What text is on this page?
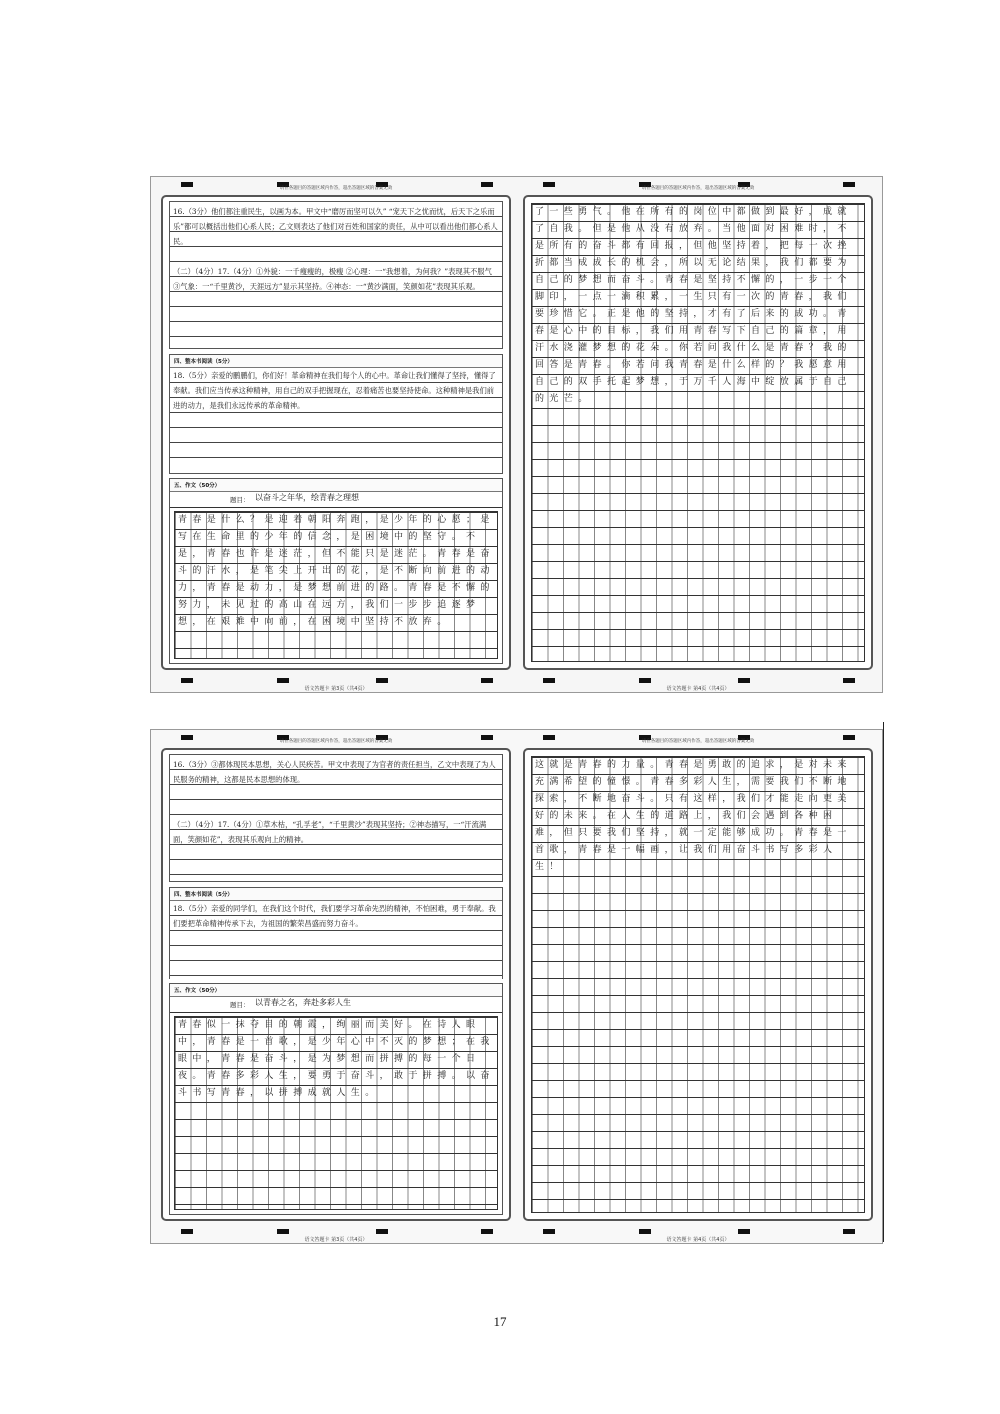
请在各题目的答题区域内作答，超出答题区域的答案无效
16.（3分）他们都注重民生，以画为本。甲文中“磨厉而坚可以久” “宠天下之忧而忧，后天下之乐而乐”都可以概括出他们心系人民；乙文则表达了他们对百姓和国家的责任，从中可以看出他们都心系人民。
（二）（4分）17.（4分）①外貌：一千瘦瘦的，极瘦 ②心理：一“我想着，为何我？”表现其不服气 ③气象：一“千里黄沙，天涯远方”显示其坚持。④神态：一“黄沙满面，笑颜如花”表现其乐观。
四、整本书阅读（5分）
18.（5分）亲爱的鹏鹏们，你们好！革命精神在我们每个人的心中。革命让我们懂得了坚持，懂得了奉献。我们应当传承这种精神，用自己的双手把握现在，忍着痛苦也要坚持使命。这种精神是我们前进的动力，是我们永远传承的革命精神。
五、作文（50分）
题目： 以奋斗之年华，绘青春之理想
青春是什么？是迎着朝阳奔跑，是少年的心愿；是写在生命里的少年的信念，是困境中的坚守。不是，青春也许是迷茫，但不能只是迷茫。青春是奋斗的汗水，是笔尖上开出的花，是不断向前进的动力，青春是动力，是梦想前进的路。青春是不懈的努力，未见过的高山在远方，我们一步步追逐梦想，在艰难中向前，在困境中坚持不放弃。
语文答题卡 第3页（共4页）
请在各题目的答题区域内作答，超出答题区域的答案无效
了一些勇气。他在所有的岗位中都做到最好，成就了自我。但是他从没有放弃。当他面对困难时，不是所有的奋斗都有回报，但他坚持着，把每一次挫折都当成成长的机会，所以无论结果，我们都要为自己的梦想而奋斗。青春是坚持不懈的，一步一个脚印，一点一滴积累，一生只有一次的青春，我们要珍惜它。正是他的坚持，才有了后来的成功。青春是心中的目标，我们用青春写下自己的篇章，用汗水浇灌梦想的花朵。你若问我什么是青春？我的回答是青春。你若问我青春是什么样的？我愿意用自己的双手托起梦想，于万千人海中绽放属于自己的光芒。
语文答题卡 第4页（共4页）
请在各题目的答题区域内作答，超出答题区域的答案无效
16.（3分）③都体现民本思想，关心人民疾苦。甲文中表现了为官者的责任担当，乙文中表现了为人民服务的精神，这都是民本思想的体现。
（二）（4分）17.（4分）①草木枯，“孔孚老”，“千里黄沙”表现其坚持；②神态描写，一“汗流满面，笑颜如花”，表现其乐观向上的精神。
四、整本书阅读（5分）
18.（5分）亲爱的同学们，在我们这个时代，我们要学习革命先烈的精神，不怕困难，勇于奉献。我们要把革命精神传承下去，为祖国的繁荣昌盛而努力奋斗。
五、作文（50分）
题目： 以青春之名，奔赴多彩人生
青春似一抹夺目的朝霞，绚丽而美好。在诗人眼中，青春是一首歌，是少年心中不灭的梦想；在我眼中，青春是奋斗，是为梦想而拼搏的每一个日夜。青春多彩人生，要勇于奋斗，敢于拼搏。以奋斗书写青春，以拼搏成就人生。
语文答题卡 第3页（共4页）
请在各题目的答题区域内作答，超出答题区域的答案无效
这就是青春的力量。青春是勇敢的追求，是对未来充满希望的憧憬。青春多彩人生，需要我们不断地探索，不断地奋斗。只有这样，我们才能走向更美好的未来。在人生的道路上，我们会遇到各种困难，但只要我们坚持，就一定能够成功。青春是一首歌，青春是一幅画，让我们用奋斗书写多彩人生！
语文答题卡 第4页（共4页）
17
